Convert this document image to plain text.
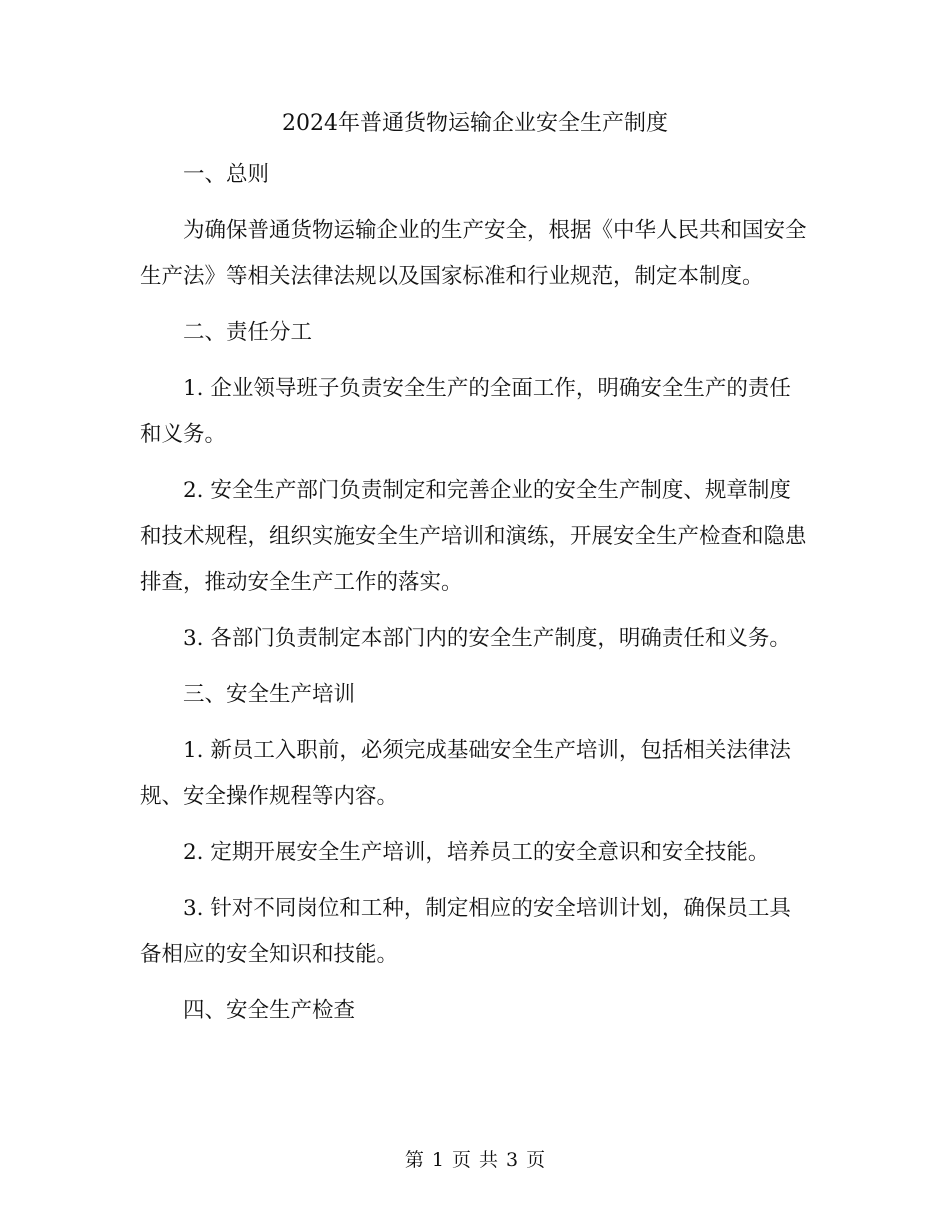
2024年普通货物运输企业安全生产制度

一、总则

为确保普通货物运输企业的生产安全，根据《中华人民共和国安全生产法》等相关法律法规以及国家标准和行业规范，制定本制度。

二、责任分工

1. 企业领导班子负责安全生产的全面工作，明确安全生产的责任和义务。

2. 安全生产部门负责制定和完善企业的安全生产制度、规章制度和技术规程，组织实施安全生产培训和演练，开展安全生产检查和隐患排查，推动安全生产工作的落实。

3. 各部门负责制定本部门内的安全生产制度，明确责任和义务。

三、安全生产培训

1. 新员工入职前，必须完成基础安全生产培训，包括相关法律法规、安全操作规程等内容。

2. 定期开展安全生产培训，培养员工的安全意识和安全技能。

3. 针对不同岗位和工种，制定相应的安全培训计划，确保员工具备相应的安全知识和技能。

四、安全生产检查

第 1 页 共 3 页
